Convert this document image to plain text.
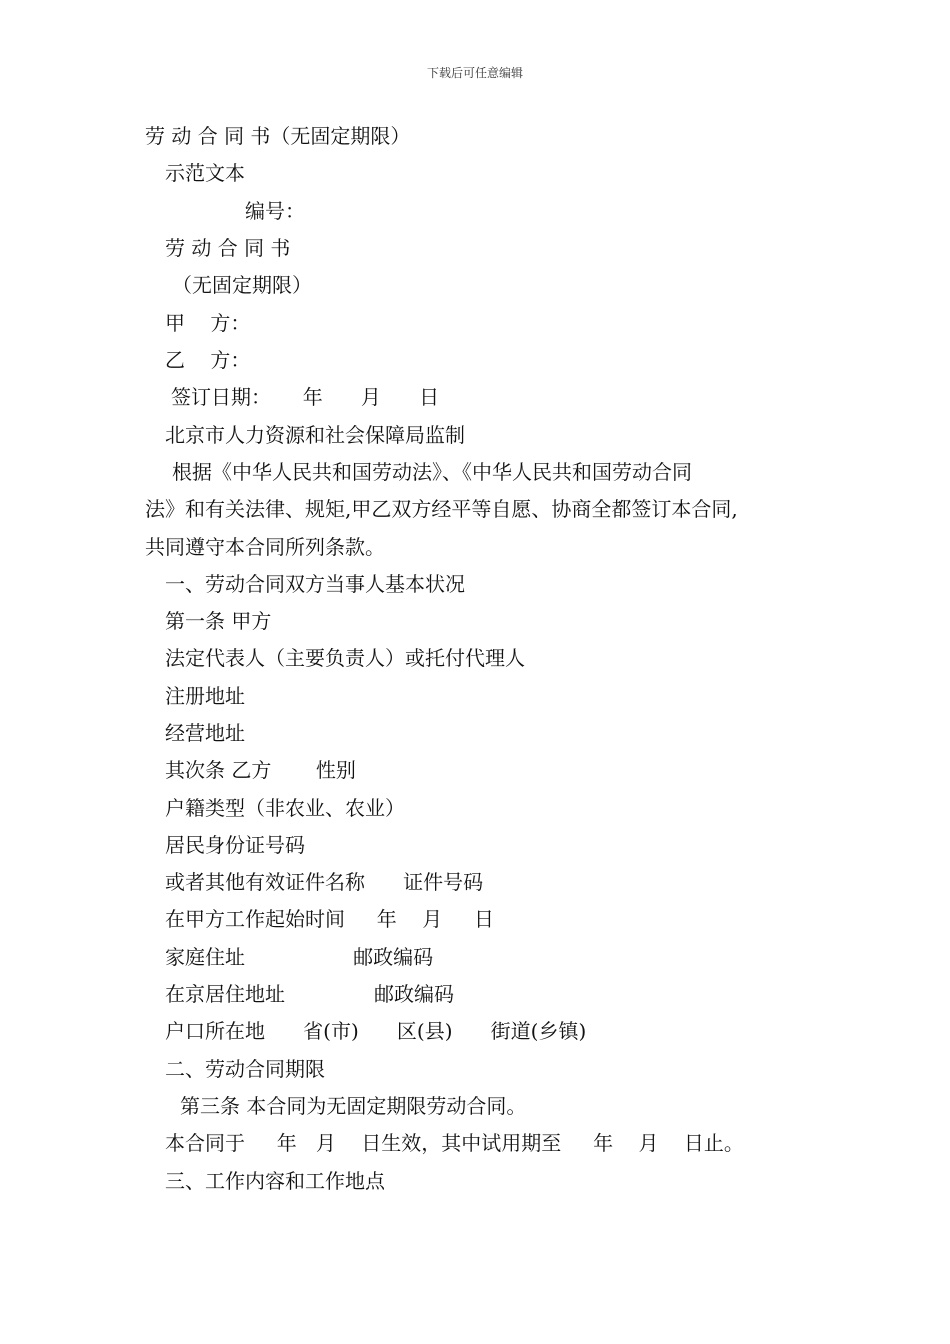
下载后可任意编辑
劳 动 合 同 书（无固定期限）
示范文本
编号：
劳 动 合 同 书
（无固定期限）
甲    方：
乙    方：
签订日期：     年      月      日
北京市人力资源和社会保障局监制
根据《中华人民共和国劳动法》、《中华人民共和国劳动合同
法》和有关法律、规矩,甲乙双方经平等自愿、协商全都签订本合同,
共同遵守本合同所列条款。
一、劳动合同双方当事人基本状况
第一条 甲方
法定代表人（主要负责人）或托付代理人
注册地址
经营地址
其次条 乙方       性别
户籍类型（非农业、农业）
居民身份证号码
或者其他有效证件名称      证件号码
在甲方工作起始时间     年    月     日
家庭住址                 邮政编码
在京居住地址              邮政编码
户口所在地      省(市)      区(县)      街道(乡镇)
二、劳动合同期限
第三条 本合同为无固定期限劳动合同。
本合同于     年   月    日生效，其中试用期至     年    月    日止。
三、工作内容和工作地点
